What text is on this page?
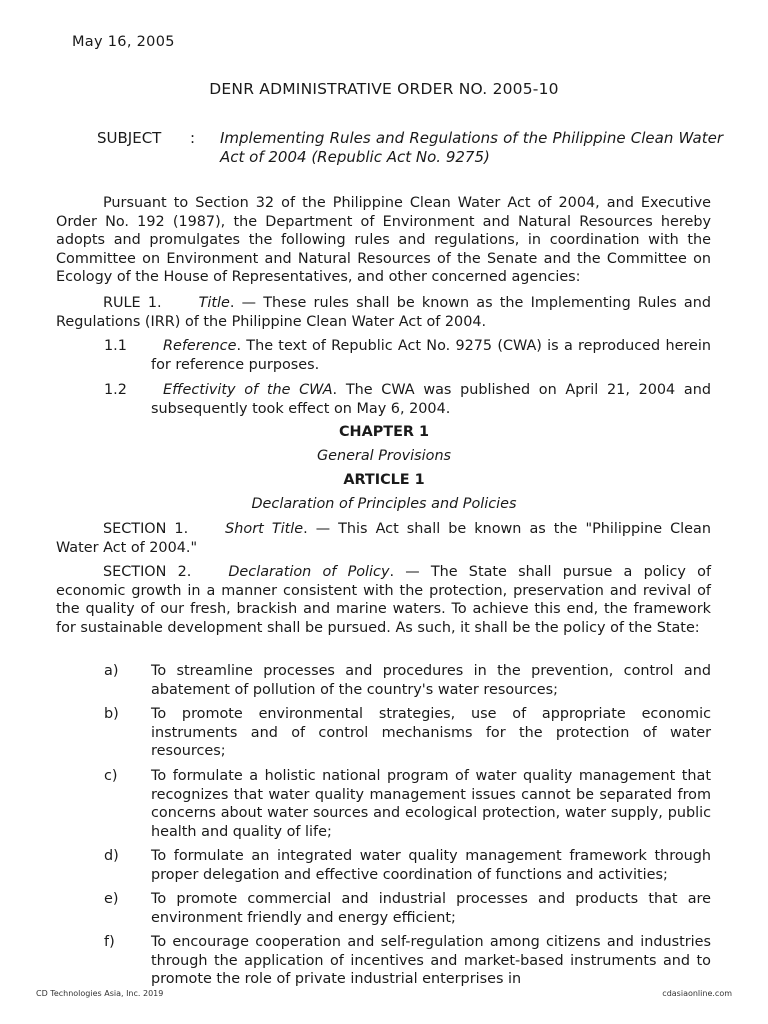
May 16, 2005
DENR ADMINISTRATIVE ORDER NO. 2005-10
SUBJECT : Implementing Rules and Regulations of the Philippine Clean Water Act of 2004 (Republic Act No. 9275)

Pursuant to Section 32 of the Philippine Clean Water Act of 2004, and Executive Order No. 192 (1987), the Department of Environment and Natural Resources hereby adopts and promulgates the following rules and regulations, in coordination with the Committee on Environment and Natural Resources of the Senate and the Committee on Ecology of the House of Representatives, and other concerned agencies:

RULE 1.	Title. — These rules shall be known as the Implementing Rules and Regulations (IRR) of the Philippine Clean Water Act of 2004.

1.1	Reference. The text of Republic Act No. 9275 (CWA) is a reproduced herein for reference purposes.

1.2	Effectivity of the CWA. The CWA was published on April 21, 2004 and subsequently took effect on May 6, 2004.

CHAPTER 1
General Provisions
ARTICLE 1
Declaration of Principles and Policies

SECTION 1.	Short Title. — This Act shall be known as the "Philippine Clean Water Act of 2004."

SECTION 2.	Declaration of Policy. — The State shall pursue a policy of economic growth in a manner consistent with the protection, preservation and revival of the quality of our fresh, brackish and marine waters. To achieve this end, the framework for sustainable development shall be pursued. As such, it shall be the policy of the State:

a) To streamline processes and procedures in the prevention, control and abatement of pollution of the country's water resources;

b) To promote environmental strategies, use of appropriate economic instruments and of control mechanisms for the protection of water resources;

c) To formulate a holistic national program of water quality management that recognizes that water quality management issues cannot be separated from concerns about water sources and ecological protection, water supply, public health and quality of life;

d) To formulate an integrated water quality management framework through proper delegation and effective coordination of functions and activities;

e) To promote commercial and industrial processes and products that are environment friendly and energy efficient;

f)	To encourage cooperation and self-regulation among citizens and industries through the application of incentives and market-based instruments and to promote the role of private industrial enterprises in

CD Technologies Asia, Inc. 2019	cdasiaonline.com
